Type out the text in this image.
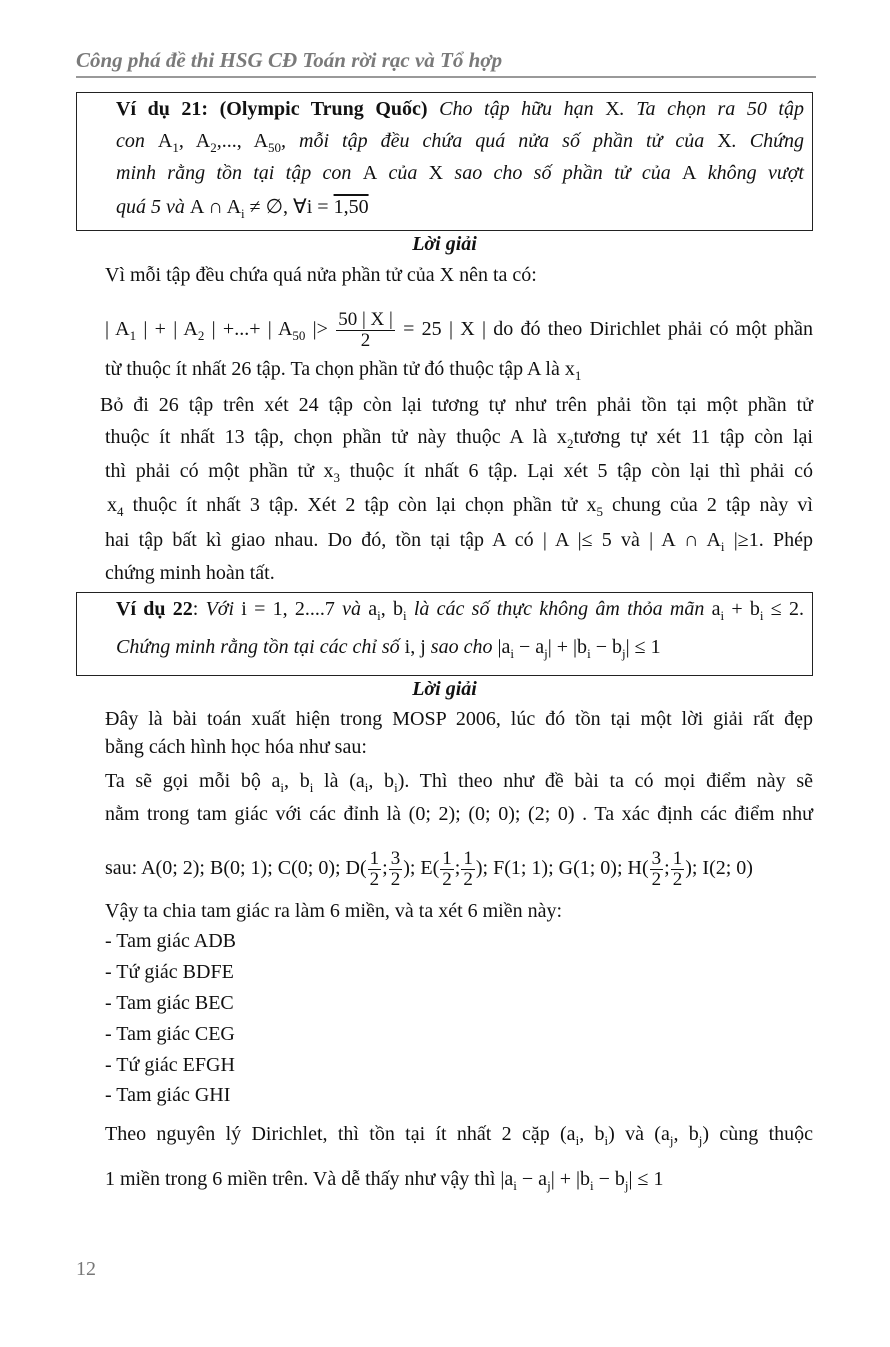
Công phá đề thi HSG CĐ Toán rời rạc và Tổ hợp
Ví dụ 21: (Olympic Trung Quốc) Cho tập hữu hạn X. Ta chọn ra 50 tập
con $A_1$, $A_2$,..., $A_{50}$, mỗi tập đều chứa quá nửa số phần tử của X. Chứng
minh rằng tồn tại tập con A của X sao cho số phần tử của A không vượt
quá 5 và A ∩ $A_i$ ≠ ∅, ∀i = 1,50
Lời giải
Vì mỗi tập đều chứa quá nửa phần tử của X nên ta có:
| $A_1$ | + | $A_2$ | +...+ | $A_{50}$ |> $\frac{50 | X |}{2} = 25$ | X | do đó theo Dirichlet phải có một phần
từ thuộc ít nhất 26 tập. Ta chọn phần tử đó thuộc tập A là $x_1$
Bỏ đi 26 tập trên xét 24 tập còn lại tương tự như trên phải tồn tại một phần tử
thuộc ít nhất 13 tập, chọn phần tử này thuộc A là $x_2tương$ tự xét 11 tập còn lại
thì phải có một phần tử $x_3$ thuộc ít nhất 6 tập. Lại xét 5 tập còn lại thì phải có
$x_4$ thuộc ít nhất 3 tập. Xét 2 tập còn lại chọn phần tử $x_5$ chung của 2 tập này vì
hai tập bất kì giao nhau. Do đó, tồn tại tập A có | A |≤ 5 và | A ∩ $A_i$ |≥1. Phép
chứng minh hoàn tất.
Ví dụ 22: Với i = 1, 2....7 và $a_i$, $b_i$ là các số thực không âm thỏa mãn $a_i + b_i \le 2$.
Chứng minh rằng tồn tại các chỉ số i, j sao cho $|a_i - a_j| + |b_i - b_j| \le 1$
Lời giải
Đây là bài toán xuất hiện trong MOSP 2006, lúc đó tồn tại một lời giải rất đẹp
bằng cách hình học hóa như sau:
Ta sẽ gọi mỗi bộ $a_i$, $b_i$ là ($a_i$, $b_i$). Thì theo như đề bài ta có mọi điểm này sẽ
nằm trong tam giác với các đỉnh là (0; 2); (0; 0); (2; 0) . Ta xác định các điểm như
sau: A(0; 2); B(0; 1); C(0; 0); $D( \frac{1}{2}$ ; $\frac{3}{2}$ ); $E( \frac{1}{2}$ ; $\frac{1}{2}$ ); F(1; 1); G(1; 0); $H( \frac{3}{2}$ ; $\frac{1}{2}$ ); I(2; 0)
Vậy ta chia tam giác ra làm 6 miền, và ta xét 6 miền này:
- Tam giác ADB
- Tứ giác BDFE
- Tam giác BEC
- Tam giác CEG
- Tứ giác EFGH
- Tam giác GHI
Theo nguyên lý Dirichlet, thì tồn tại ít nhất 2 cặp ($a_i$, $b_i$) và ($a_j$, $b_j$) cùng thuộc
1 miền trong 6 miền trên. Và dễ thấy như vậy thì $|a_i - a_j| + |b_i - b_j| \le 1$
12
